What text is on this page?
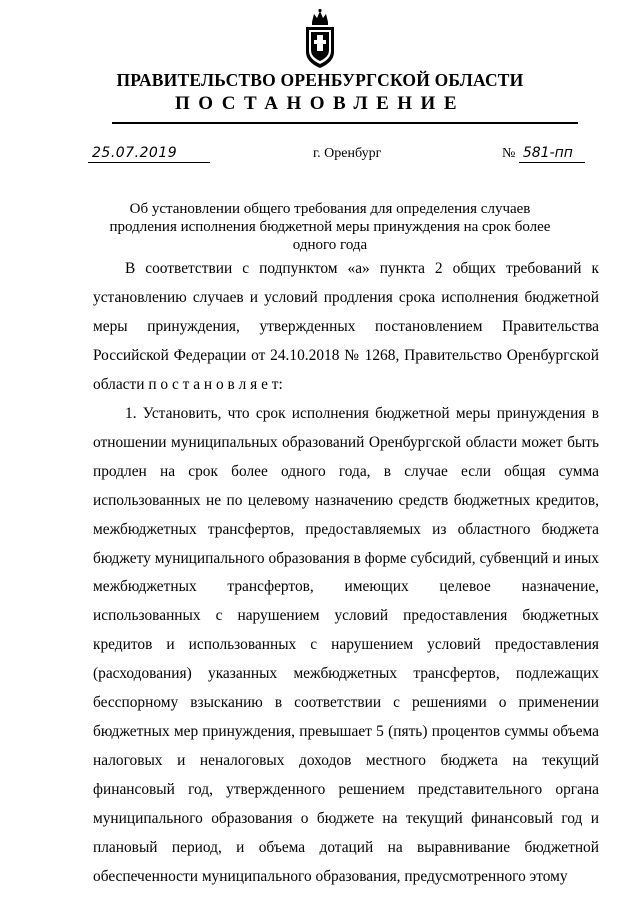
ПРАВИТЕЛЬСТВО ОРЕНБУРГСКОЙ ОБЛАСТИ
ПОСТАНОВЛЕНИЕ
25.07.2019	г. Оренбург	№ 581-пп
Об установлении общего требования для определения случаев продления исполнения бюджетной меры принуждения на срок более одного года
В соответствии с подпунктом «а» пункта 2 общих требований к установлению случаев и условий продления срока исполнения бюджетной меры принуждения, утвержденных постановлением Правительства Российской Федерации от 24.10.2018 № 1268, Правительство Оренбургской области п о с т а н о в л я е т:
1. Установить, что срок исполнения бюджетной меры принуждения в отношении муниципальных образований Оренбургской области может быть продлен на срок более одного года, в случае если общая сумма использованных не по целевому назначению средств бюджетных кредитов, межбюджетных трансфертов, предоставляемых из областного бюджета бюджету муниципального образования в форме субсидий, субвенций и иных межбюджетных трансфертов, имеющих целевое назначение, использованных с нарушением условий предоставления бюджетных кредитов и использованных с нарушением условий предоставления (расходования) указанных межбюджетных трансфертов, подлежащих бесспорному взысканию в соответствии с решениями о применении бюджетных мер принуждения, превышает 5 (пять) процентов суммы объема налоговых и неналоговых доходов местного бюджета на текущий финансовый год, утвержденного решением представительного органа муниципального образования о бюджете на текущий финансовый год и плановый период, и объема дотаций на выравнивание бюджетной обеспеченности муниципального образования, предусмотренного этому
